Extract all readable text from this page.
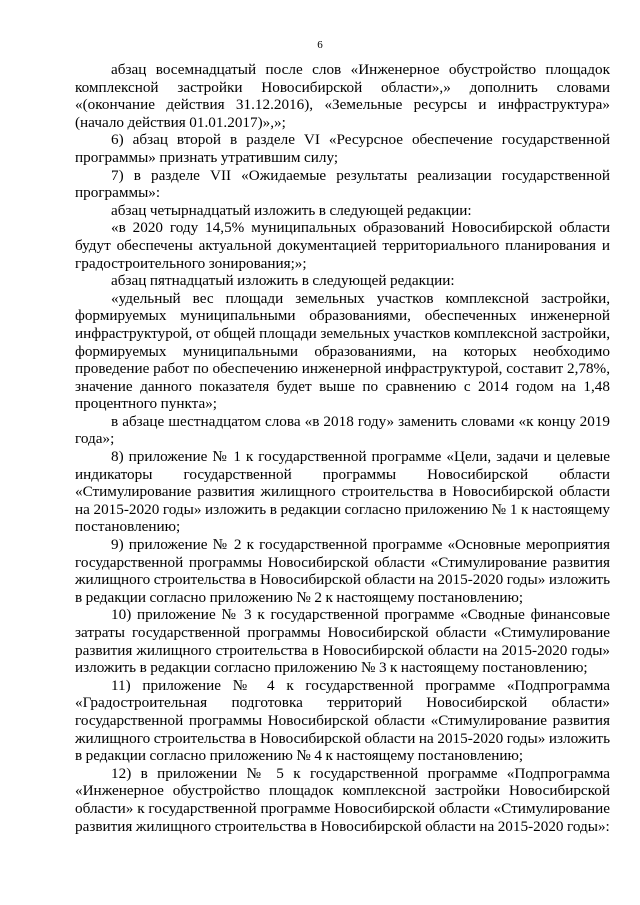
6

абзац восемнадцатый после слов «Инженерное обустройство площадок комплексной застройки Новосибирской области»,» дополнить словами «(окончание действия 31.12.2016), «Земельные ресурсы и инфраструктура» (начало действия 01.01.2017)»,»;

6) абзац второй в разделе VI «Ресурсное обеспечение государственной программы» признать утратившим силу;

7) в разделе VII «Ожидаемые результаты реализации государственной программы»:

абзац четырнадцатый изложить в следующей редакции:

«в 2020 году 14,5% муниципальных образований Новосибирской области будут обеспечены актуальной документацией территориального планирования и градостроительного зонирования;»;

абзац пятнадцатый изложить в следующей редакции:

«удельный вес площади земельных участков комплексной застройки, формируемых муниципальными образованиями, обеспеченных инженерной инфраструктурой, от общей площади земельных участков комплексной застройки, формируемых муниципальными образованиями, на которых необходимо проведение работ по обеспечению инженерной инфраструктурой, составит 2,78%, значение данного показателя будет выше по сравнению с 2014 годом на 1,48 процентного пункта»;

в абзаце шестнадцатом слова «в 2018 году» заменить словами «к концу 2019 года»;

8) приложение № 1 к государственной программе «Цели, задачи и целевые индикаторы государственной программы Новосибирской области «Стимулирование развития жилищного строительства в Новосибирской области на 2015-2020 годы» изложить в редакции согласно приложению № 1 к настоящему постановлению;

9) приложение № 2 к государственной программе «Основные мероприятия государственной программы Новосибирской области «Стимулирование развития жилищного строительства в Новосибирской области на 2015-2020 годы» изложить в редакции согласно приложению № 2 к настоящему постановлению;

10) приложение № 3 к государственной программе «Сводные финансовые затраты государственной программы Новосибирской области «Стимулирование развития жилищного строительства в Новосибирской области на 2015-2020 годы» изложить в редакции согласно приложению № 3 к настоящему постановлению;

11) приложение № 4 к государственной программе «Подпрограмма «Градостроительная подготовка территорий Новосибирской области» государственной программы Новосибирской области «Стимулирование развития жилищного строительства в Новосибирской области на 2015-2020 годы» изложить в редакции согласно приложению № 4 к настоящему постановлению;

12) в приложении № 5 к государственной программе «Подпрограмма «Инженерное обустройство площадок комплексной застройки Новосибирской области» к государственной программе Новосибирской области «Стимулирование развития жилищного строительства в Новосибирской области на 2015-2020 годы»:
